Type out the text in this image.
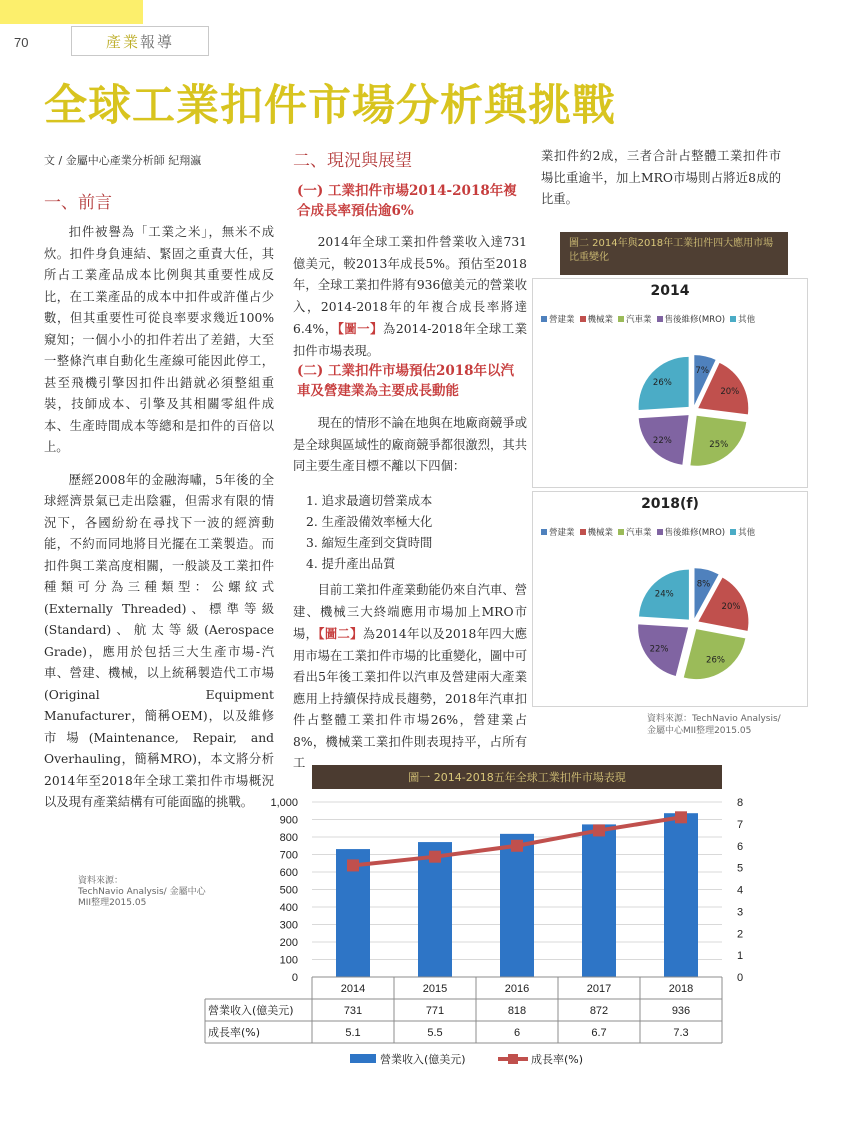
70	產業 報導
全球工業扣件市場分析與挑戰
文 / 金屬中心產業分析師 紀翔瀛
一、前言

扣件被譽為「工業之米」，無米不成炊。扣件身負連結、緊固之重責大任，其所占工業產品成本比例與其重要性成反比，在工業產品的成本中扣件或許僅占少數，但其重要性可從良率要求幾近100%窺知；一個小小的扣件若出了差錯，大至一整條汽車自動化生產線可能因此停工，甚至飛機引擎因扣件出錯就必須整組重裝，技師成本、引擎及其相關零組件成本、生產時間成本等總和是扣件的百倍以上。

歷經2008年的金融海嘯，5年後的全球經濟景氣已走出陰霾，但需求有限的情況下，各國紛紛在尋找下一波的經濟動能，不約而同地將目光擺在工業製造。而扣件與工業高度相關，一般談及工業扣件種類可分為三種類型：公螺紋式(Externally Threaded)、標準等級(Standard)、航太等級(Aerospace Grade)，應用於包括三大生產市場-汽車、營建、機械，以上統稱製造代工市場(Original Equipment Manufacturer，簡稱OEM)，以及維修市場(Maintenance, Repair, and Overhauling，簡稱MRO)，本文將分析2014年至2018年全球工業扣件市場概況以及現有產業結構有可能面臨的挑戰。

二、現況與展望
(一) 工業扣件市場2014-2018年複合成長率預估逾6%

2014年全球工業扣件營業收入達731億美元，較2013年成長5%。預估至2018年，全球工業扣件將有936億美元的營業收入，2014-2018年的年複合成長率將達6.4%，【圖一】為2014-2018年全球工業扣件市場表現。

(二) 工業扣件市場預估2018年以汽車及營建業為主要成長動能

現在的情形不論在地與在地廠商競爭或是全球與區域性的廠商競爭都很激烈，其共同主要生產目標不離以下四個：

1. 追求最適切營業成本
2. 生產設備效率極大化
3. 縮短生產到交貨時間
4. 提升產出品質

目前工業扣件產業動能仍來自汽車、營建、機械三大終端應用市場加上MRO市場，【圖二】為2014年以及2018年四大應用市場在工業扣件市場的比重變化，圖中可看出5年後工業扣件以汽車及營建兩大產業應用上持續保持成長趨勢，2018年汽車扣件占整體工業扣件市場26%，營建業占8%，機械業工業扣件則表現持平，占所有工

業扣件約2成，三者合計占整體工業扣件市場比重逾半，加上MRO市場則占將近8成的比重。

圖二 2014年與2018年工業扣件四大應用市場比重變化
2014
營建業 機械業 汽車業 售後維修(MRO) 其他
7%
20%
25%
22%
26%
2018(f)
營建業 機械業 汽車業 售後維修(MRO) 其他
8%
20%
26%
22%
24%
資料來源：TechNavio Analysis/
金屬中心MII整理2015.05
圖一 2014-2018五年全球工業扣件市場表現
資料來源：
TechNavio Analysis/ 金屬中心
MII整理2015.05
0
100
200
300
400
500
600
700
800
900
1,000
0
1
2
3
4
5
6
7
8
2014
731
5.1
2015
771
5.5
2016
818
6
2017
872
6.7
2018
936
7.3
營業收入(億美元)
成長率(%)
營業收入(億美元)	成長率(%)
